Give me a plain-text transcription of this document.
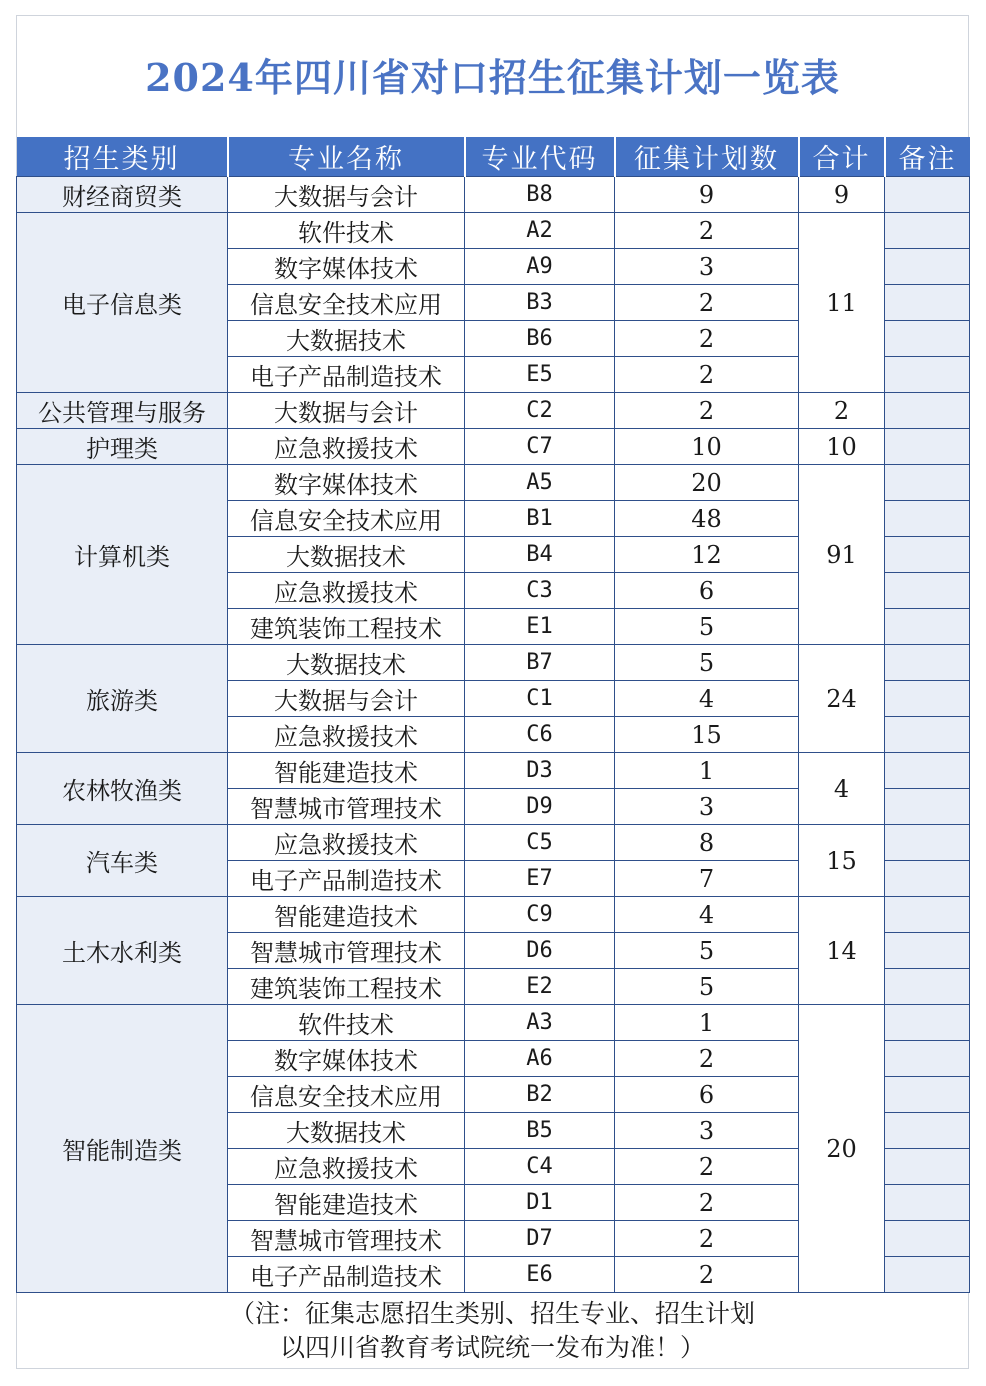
2024年四川省对口招生征集计划一览表
招生类别	专业名称	专业代码	征集计划数	合计	备注
财经商贸类	大数据与会计	B8	9	9	
电子信息类	软件技术	A2	2	11	
	数字媒体技术	A9	3		
	信息安全技术应用	B3	2		
	大数据技术	B6	2		
	电子产品制造技术	E5	2		
公共管理与服务	大数据与会计	C2	2	2	
护理类	应急救援技术	C7	10	10	
计算机类	数字媒体技术	A5	20	91	
	信息安全技术应用	B1	48		
	大数据技术	B4	12		
	应急救援技术	C3	6		
	建筑装饰工程技术	E1	5		
旅游类	大数据技术	B7	5	24	
	大数据与会计	C1	4		
	应急救援技术	C6	15		
农林牧渔类	智能建造技术	D3	1	4	
	智慧城市管理技术	D9	3		
汽车类	应急救援技术	C5	8	15	
	电子产品制造技术	E7	7		
土木水利类	智能建造技术	C9	4	14	
	智慧城市管理技术	D6	5		
	建筑装饰工程技术	E2	5		
智能制造类	软件技术	A3	1	20	
	数字媒体技术	A6	2		
	信息安全技术应用	B2	6		
	大数据技术	B5	3		
	应急救援技术	C4	2		
	智能建造技术	D1	2		
	智慧城市管理技术	D7	2		
	电子产品制造技术	E6	2		
（注：征集志愿招生类别、招生专业、招生计划
以四川省教育考试院统一发布为准！）
